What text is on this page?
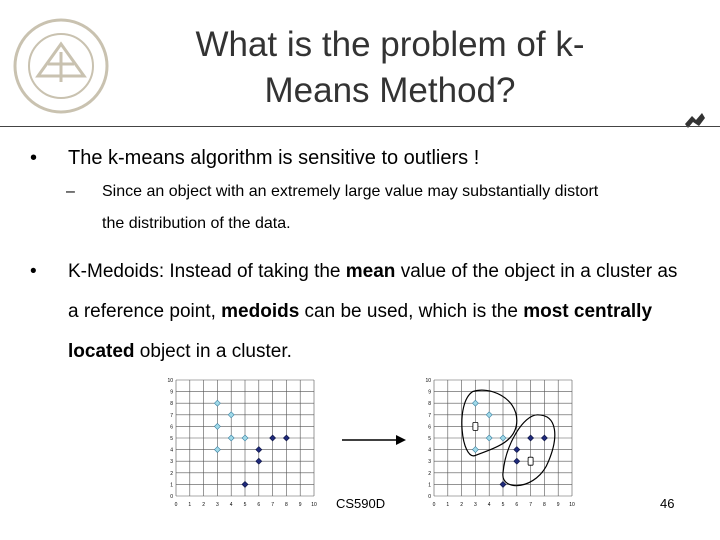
What is the problem of k-
Means Method?
• The k-means algorithm is sensitive to outliers !
– Since an object with an extremely large value may substantially distort
the distribution of the data.
• K-Medoids: Instead of taking the mean value of the object in a cluster as a reference point, medoids can be used, which is the most centrally located object in a cluster.
0 1 2 3 4 5 6 7 8 9 10
0
1
2
3
4
5
6
7
8
9
10
0 1 2 3 4 5 6 7 8 9 10
0
1
2
3
4
5
6
7
8
9
10
CS590D	46
